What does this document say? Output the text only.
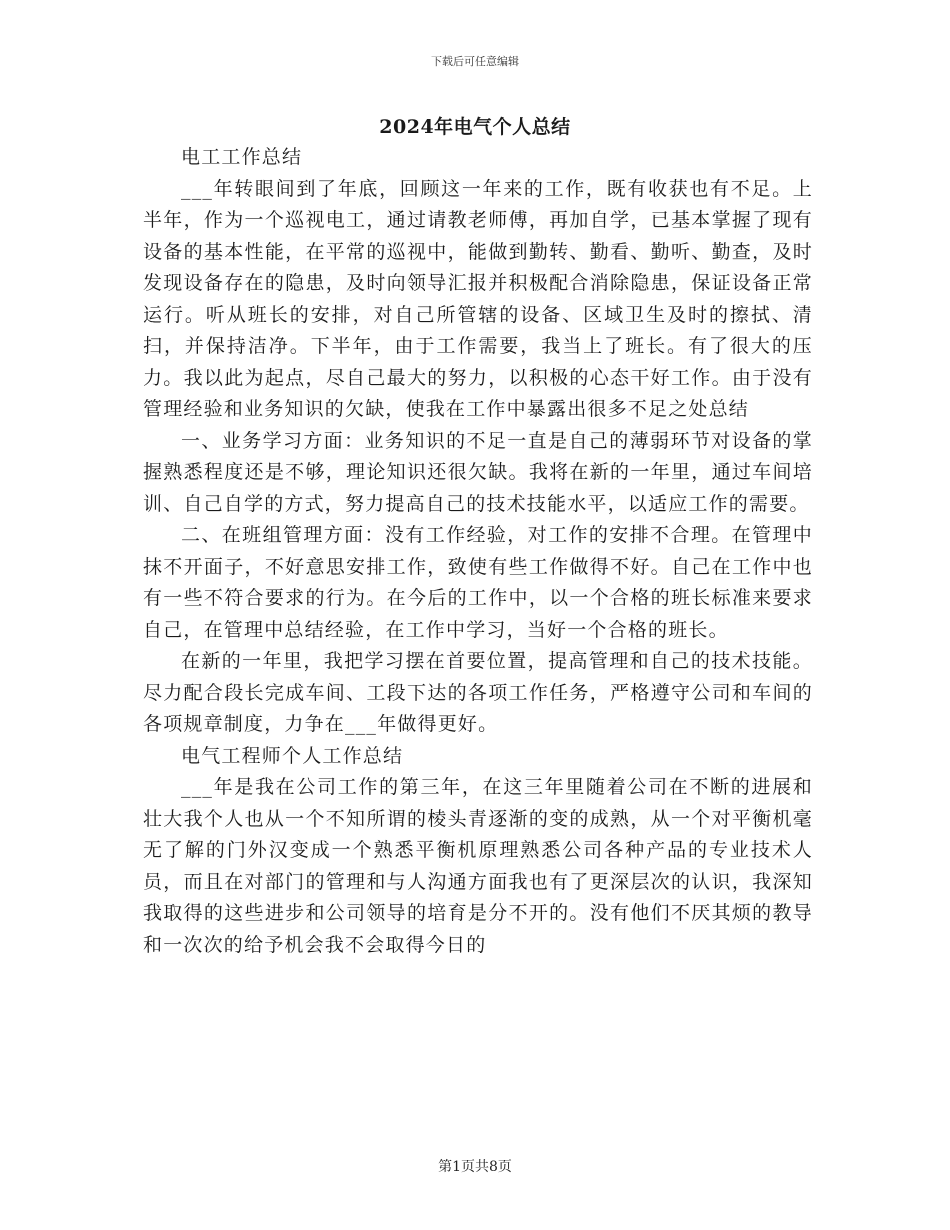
下载后可任意编辑
2024年电气个人总结

电工工作总结

___年转眼间到了年底，回顾这一年来的工作，既有收获也有不足。上半年，作为一个巡视电工，通过请教老师傅，再加自学，已基本掌握了现有设备的基本性能，在平常的巡视中，能做到勤转、勤看、勤听、勤查，及时发现设备存在的隐患，及时向领导汇报并积极配合消除隐患，保证设备正常运行。听从班长的安排，对自己所管辖的设备、区域卫生及时的擦拭、清扫，并保持洁净。下半年，由于工作需要，我当上了班长。有了很大的压力。我以此为起点，尽自己最大的努力，以积极的心态干好工作。由于没有管理经验和业务知识的欠缺，使我在工作中暴露出很多不足之处总结

一、业务学习方面：业务知识的不足一直是自己的薄弱环节对设备的掌握熟悉程度还是不够，理论知识还很欠缺。我将在新的一年里，通过车间培训、自己自学的方式，努力提高自己的技术技能水平，以适应工作的需要。

二、在班组管理方面：没有工作经验，对工作的安排不合理。在管理中抹不开面子，不好意思安排工作，致使有些工作做得不好。自己在工作中也有一些不符合要求的行为。在今后的工作中，以一个合格的班长标准来要求自己，在管理中总结经验，在工作中学习，当好一个合格的班长。

在新的一年里，我把学习摆在首要位置，提高管理和自己的技术技能。尽力配合段长完成车间、工段下达的各项工作任务，严格遵守公司和车间的各项规章制度，力争在___年做得更好。

电气工程师个人工作总结

___年是我在公司工作的第三年，在这三年里随着公司在不断的进展和壮大我个人也从一个不知所谓的棱头青逐渐的变的成熟，从一个对平衡机毫无了解的门外汉变成一个熟悉平衡机原理熟悉公司各种产品的专业技术人员，而且在对部门的管理和与人沟通方面我也有了更深层次的认识，我深知我取得的这些进步和公司领导的培育是分不开的。没有他们不厌其烦的教导和一次次的给予机会我不会取得今日的

第1页共8页
